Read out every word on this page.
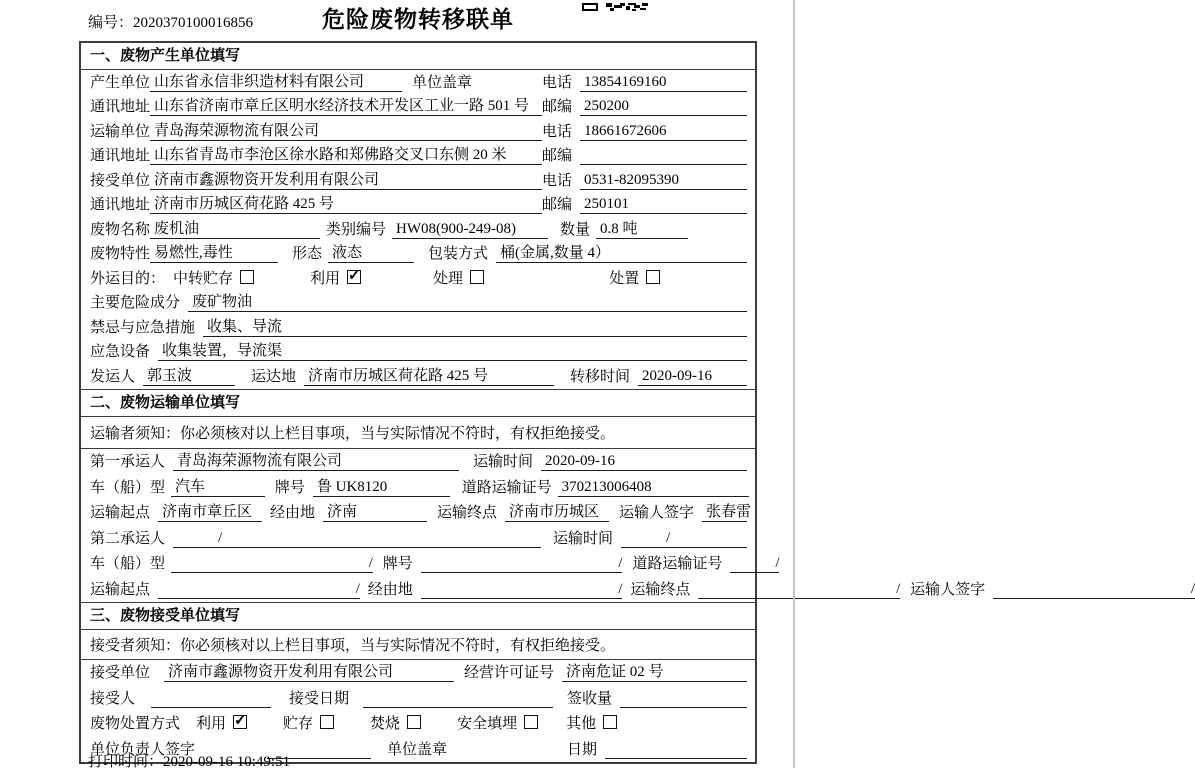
编号：2020370100016856	危险废物转移联单
一、废物产生单位填写
产生单位 山东省永信非织造材料有限公司	单位盖章	电话 13854169160
通讯地址 山东省济南市章丘区明水经济技术开发区工业一路 501 号 邮编 250200
运输单位 青岛海荣源物流有限公司	电话 18661672606
通讯地址 山东省青岛市李沧区徐水路和郑佛路交叉口东侧 20 米	邮编
接受单位 济南市鑫源物资开发利用有限公司	电话 0531-82095390
通讯地址 济南市历城区荷花路 425 号	邮编 250101
废物名称 废机油	类别编号 HW08(900-249-08)	数量 0.8 吨
废物特性 易燃性,毒性	形态 液态	包装方式 桶(金属,数量 4）
外运目的： 中转贮存	利用 ✓	处理	处置
主要危险成分 废矿物油
禁忌与应急措施 收集、导流
应急设备 收集装置，导流渠
发运人 郭玉波	运达地 济南市历城区荷花路 425 号	转移时间 2020-09-16
二、废物运输单位填写
运输者须知： 你必须核对以上栏目事项，当与实际情况不符时，有权拒绝接受。
第一承运人 青岛海荣源物流有限公司	运输时间 2020-09-16
车（船）型 汽车	牌号 鲁 UK8120	道路运输证号 370213006408
运输起点 济南市章丘区	经由地 济南	运输终点 济南市历城区	运输人签字 张春雷
第二承运人	/	运输时间	/
车（船）型	/ 牌号	/ 道路运输证号	/
运输起点	/ 经由地	/ 运输终点	/ 运输人签字	/
三、废物接受单位填写
接受者须知： 你必须核对以上栏目事项，当与实际情况不符时，有权拒绝接受。
接受单位 济南市鑫源物资开发利用有限公司	经营许可证号 济南危证 02 号
接受人	接受日期	签收量
废物处置方式 利用 ✓	贮存	焚烧	安全填埋	其他
单位负责人签字	单位盖章	日期
打印时间：2020-09-16 10:49:51
